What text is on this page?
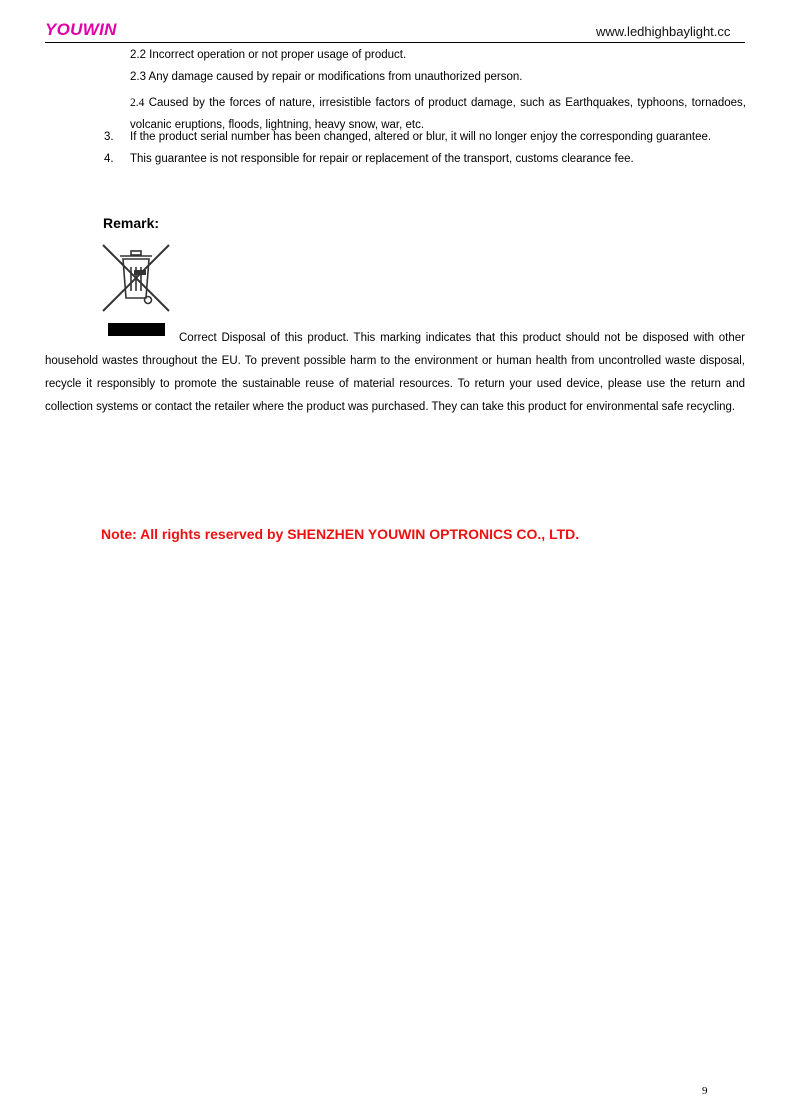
YOUWIN	www.ledhighbaylight.cc
2.2 Incorrect operation or not proper usage of product.
2.3 Any damage caused by repair or modifications from unauthorized person.
2.4 Caused by the forces of nature, irresistible factors of product damage, such as Earthquakes, typhoons, tornadoes, volcanic eruptions, floods, lightning, heavy snow, war, etc.
3. If the product serial number has been changed, altered or blur, it will no longer enjoy the corresponding guarantee.
4. This guarantee is not responsible for repair or replacement of the transport, customs clearance fee.
Remark:
Correct Disposal of this product. This marking indicates that this product should not be disposed with other household wastes throughout the EU. To prevent possible harm to the environment or human health from uncontrolled waste disposal, recycle it responsibly to promote the sustainable reuse of material resources. To return your used device, please use the return and collection systems or contact the retailer where the product was purchased. They can take this product for environmental safe recycling.
Note: All rights reserved by SHENZHEN YOUWIN OPTRONICS CO., LTD.
9
